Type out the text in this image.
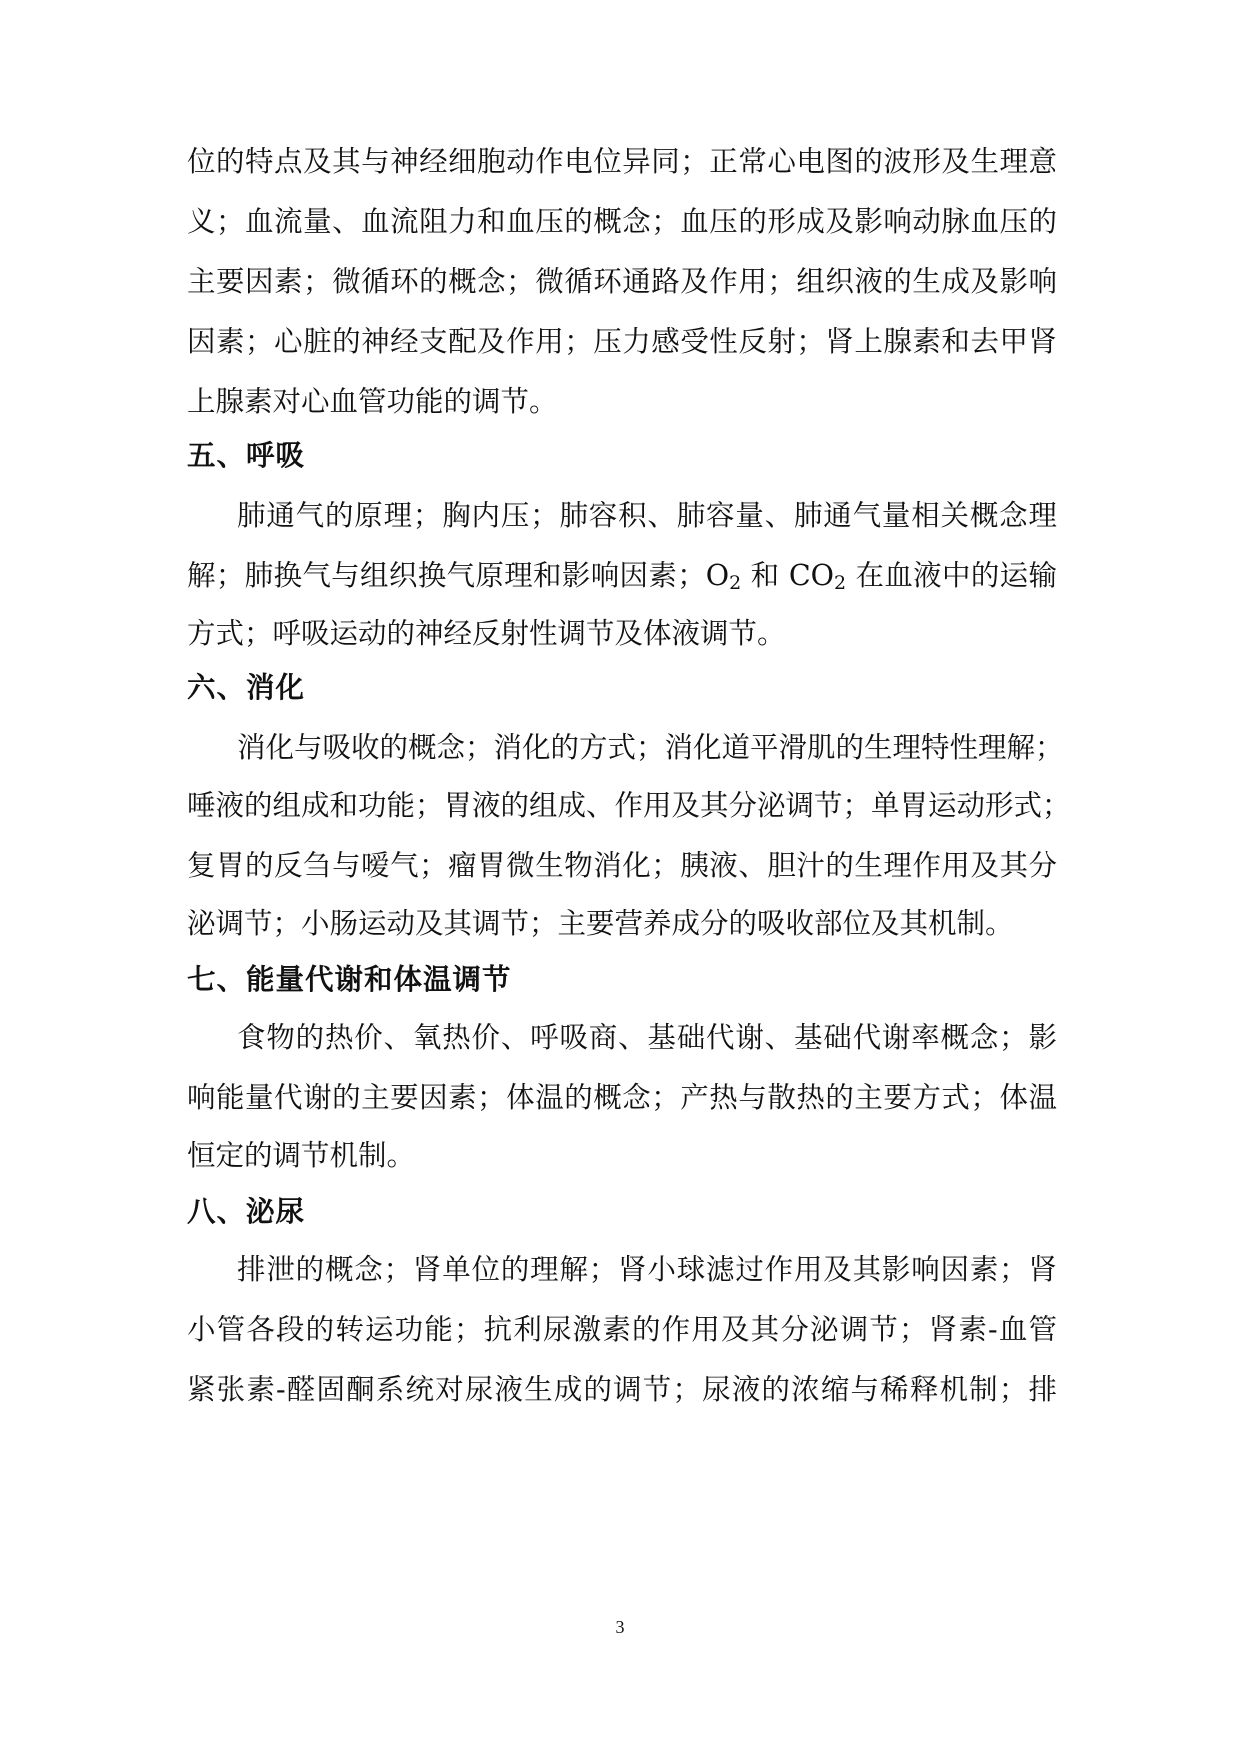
位的特点及其与神经细胞动作电位异同；正常心电图的波形及生理意
义；血流量、血流阻力和血压的概念；血压的形成及影响动脉血压的
主要因素；微循环的概念；微循环通路及作用；组织液的生成及影响
因素；心脏的神经支配及作用；压力感受性反射；肾上腺素和去甲肾
上腺素对心血管功能的调节。
五、呼吸
肺通气的原理；胸内压；肺容积、肺容量、肺通气量相关概念理
解；肺换气与组织换气原理和影响因素；$O_2$ 和 $CO_2$ 在血液中的运输
方式；呼吸运动的神经反射性调节及体液调节。
六、消化
消化与吸收的概念；消化的方式；消化道平滑肌的生理特性理解；
唾液的组成和功能；胃液的组成、作用及其分泌调节；单胃运动形式；
复胃的反刍与嗳气；瘤胃微生物消化；胰液、胆汁的生理作用及其分
泌调节；小肠运动及其调节；主要营养成分的吸收部位及其机制。
七、能量代谢和体温调节
食物的热价、氧热价、呼吸商、基础代谢、基础代谢率概念；影
响能量代谢的主要因素；体温的概念；产热与散热的主要方式；体温
恒定的调节机制。
八、泌尿
排泄的概念；肾单位的理解；肾小球滤过作用及其影响因素；肾
小管各段的转运功能；抗利尿激素的作用及其分泌调节；肾素-血管
紧张素-醛固酮系统对尿液生成的调节；尿液的浓缩与稀释机制；排
3
